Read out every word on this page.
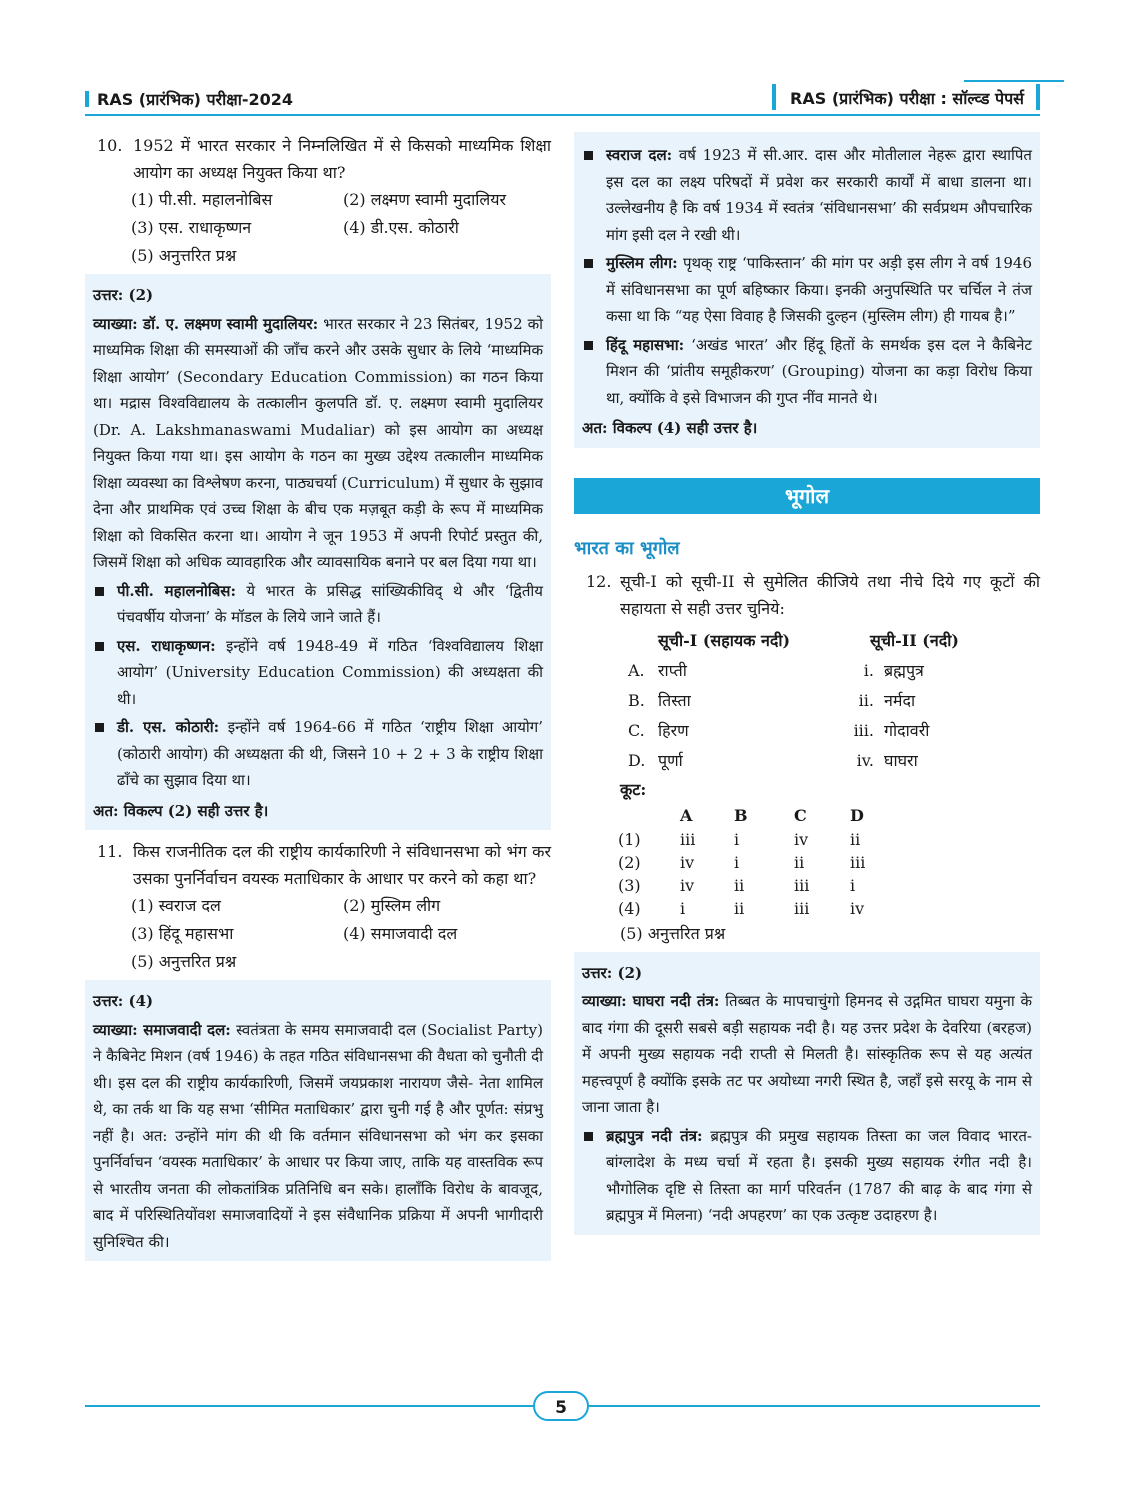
RAS (प्रारंभिक) परीक्षा-2024	RAS (प्रारंभिक) परीक्षा : सॉल्व्ड पेपर्स
10. 1952 में भारत सरकार ने निम्नलिखित में से किसको माध्यमिक शिक्षा आयोग का अध्यक्ष नियुक्त किया था?
(1) पी.सी. महालनोबिस	(2) लक्ष्मण स्वामी मुदालियर
(3) एस. राधाकृष्णन	(4) डी.एस. कोठारी
(5) अनुत्तरित प्रश्न
उत्तर: (2)
व्याख्या: डॉ. ए. लक्ष्मण स्वामी मुदालियर: भारत सरकार ने 23 सितंबर, 1952 को माध्यमिक शिक्षा की समस्याओं की जाँच करने और उसके सुधार के लिये ‘माध्यमिक शिक्षा आयोग’ (Secondary Education Commission) का गठन किया था। मद्रास विश्वविद्यालय के तत्कालीन कुलपति डॉ. ए. लक्ष्मण स्वामी मुदालियर (Dr. A. Lakshmanaswami Mudaliar) को इस आयोग का अध्यक्ष नियुक्त किया गया था। इस आयोग के गठन का मुख्य उद्देश्य तत्कालीन माध्यमिक शिक्षा व्यवस्था का विश्लेषण करना, पाठ्यचर्या (Curriculum) में सुधार के सुझाव देना और प्राथमिक एवं उच्च शिक्षा के बीच एक मज़बूत कड़ी के रूप में माध्यमिक शिक्षा को विकसित करना था। आयोग ने जून 1953 में अपनी रिपोर्ट प्रस्तुत की, जिसमें शिक्षा को अधिक व्यावहारिक और व्यावसायिक बनाने पर बल दिया गया था।
पी.सी. महालनोबिस: ये भारत के प्रसिद्ध सांख्यिकीविद् थे और ‘द्वितीय पंचवर्षीय योजना’ के मॉडल के लिये जाने जाते हैं।
एस. राधाकृष्णन: इन्होंने वर्ष 1948-49 में गठित ‘विश्वविद्यालय शिक्षा आयोग’ (University Education Commission) की अध्यक्षता की थी।
डी. एस. कोठारी: इन्होंने वर्ष 1964-66 में गठित ‘राष्ट्रीय शिक्षा आयोग’ (कोठारी आयोग) की अध्यक्षता की थी, जिसने 10 + 2 + 3 के राष्ट्रीय शिक्षा ढाँचे का सुझाव दिया था।
अत: विकल्प (2) सही उत्तर है।
11. किस राजनीतिक दल की राष्ट्रीय कार्यकारिणी ने संविधानसभा को भंग कर उसका पुनर्निर्वाचन वयस्क मताधिकार के आधार पर करने को कहा था?
(1) स्वराज दल	(2) मुस्लिम लीग
(3) हिंदू महासभा	(4) समाजवादी दल
(5) अनुत्तरित प्रश्न
उत्तर: (4)
व्याख्या: समाजवादी दल: स्वतंत्रता के समय समाजवादी दल (Socialist Party) ने कैबिनेट मिशन (वर्ष 1946) के तहत गठित संविधानसभा की वैधता को चुनौती दी थी। इस दल की राष्ट्रीय कार्यकारिणी, जिसमें जयप्रकाश नारायण जैसे- नेता शामिल थे, का तर्क था कि यह सभा ‘सीमित मताधिकार’ द्वारा चुनी गई है और पूर्णत: संप्रभु नहीं है। अत: उन्होंने मांग की थी कि वर्तमान संविधानसभा को भंग कर इसका पुनर्निर्वाचन ‘वयस्क मताधिकार’ के आधार पर किया जाए, ताकि यह वास्तविक रूप से भारतीय जनता की लोकतांत्रिक प्रतिनिधि बन सके। हालाँकि विरोध के बावजूद, बाद में परिस्थितियोंवश समाजवादियों ने इस संवैधानिक प्रक्रिया में अपनी भागीदारी सुनिश्चित की।
स्वराज दल: वर्ष 1923 में सी.आर. दास और मोतीलाल नेहरू द्वारा स्थापित इस दल का लक्ष्य परिषदों में प्रवेश कर सरकारी कार्यों में बाधा डालना था। उल्लेखनीय है कि वर्ष 1934 में स्वतंत्र ‘संविधानसभा’ की सर्वप्रथम औपचारिक मांग इसी दल ने रखी थी।
मुस्लिम लीग: पृथक् राष्ट्र ‘पाकिस्तान’ की मांग पर अड़ी इस लीग ने वर्ष 1946 में संविधानसभा का पूर्ण बहिष्कार किया। इनकी अनुपस्थिति पर चर्चिल ने तंज कसा था कि “यह ऐसा विवाह है जिसकी दुल्हन (मुस्लिम लीग) ही गायब है।”
हिंदू महासभा: ‘अखंड भारत’ और हिंदू हितों के समर्थक इस दल ने कैबिनेट मिशन की ‘प्रांतीय समूहीकरण’ (Grouping) योजना का कड़ा विरोध किया था, क्योंकि वे इसे विभाजन की गुप्त नींव मानते थे।
अत: विकल्प (4) सही उत्तर है।
भूगोल
भारत का भूगोल
12. सूची-I को सूची-II से सुमेलित कीजिये तथा नीचे दिये गए कूटों की सहायता से सही उत्तर चुनिये:
सूची-I (सहायक नदी)	सूची-II (नदी)
A. राप्ती	i. ब्रह्मपुत्र
B. तिस्ता	ii. नर्मदा
C. हिरण	iii. गोदावरी
D. पूर्णा	iv. घाघरा
कूट:
	A	B	C	D
(1)	iii	i	iv	ii
(2)	iv	i	ii	iii
(3)	iv	ii	iii	i
(4)	i	ii	iii	iv
(5) अनुत्तरित प्रश्न
उत्तर: (2)
व्याख्या: घाघरा नदी तंत्र: तिब्बत के मापचाचुंगो हिमनद से उद्गमित घाघरा यमुना के बाद गंगा की दूसरी सबसे बड़ी सहायक नदी है। यह उत्तर प्रदेश के देवरिया (बरहज) में अपनी मुख्य सहायक नदी राप्ती से मिलती है। सांस्कृतिक रूप से यह अत्यंत महत्त्वपूर्ण है क्योंकि इसके तट पर अयोध्या नगरी स्थित है, जहाँ इसे सरयू के नाम से जाना जाता है।
ब्रह्मपुत्र नदी तंत्र: ब्रह्मपुत्र की प्रमुख सहायक तिस्ता का जल विवाद भारत-बांग्लादेश के मध्य चर्चा में रहता है। इसकी मुख्य सहायक रंगीत नदी है। भौगोलिक दृष्टि से तिस्ता का मार्ग परिवर्तन (1787 की बाढ़ के बाद गंगा से ब्रह्मपुत्र में मिलना) ‘नदी अपहरण’ का एक उत्कृष्ट उदाहरण है।
5
